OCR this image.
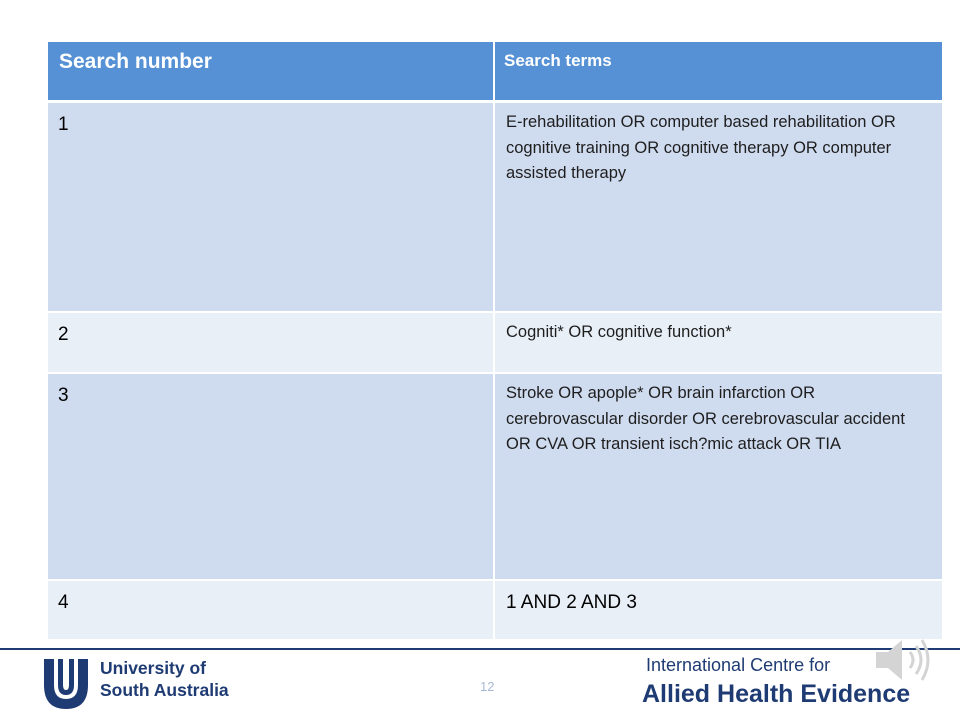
Search number	Search terms

1	E-rehabilitation OR computer based rehabilitation OR cognitive training OR cognitive therapy OR computer assisted therapy

2	Cogniti* OR cognitive function*

3	Stroke OR apople* OR brain infarction OR cerebrovascular disorder OR cerebrovascular accident OR CVA OR transient isch?mic attack OR TIA

4	1 AND 2 AND 3
University of
South Australia	12
International Centre for
Allied Health Evidence
